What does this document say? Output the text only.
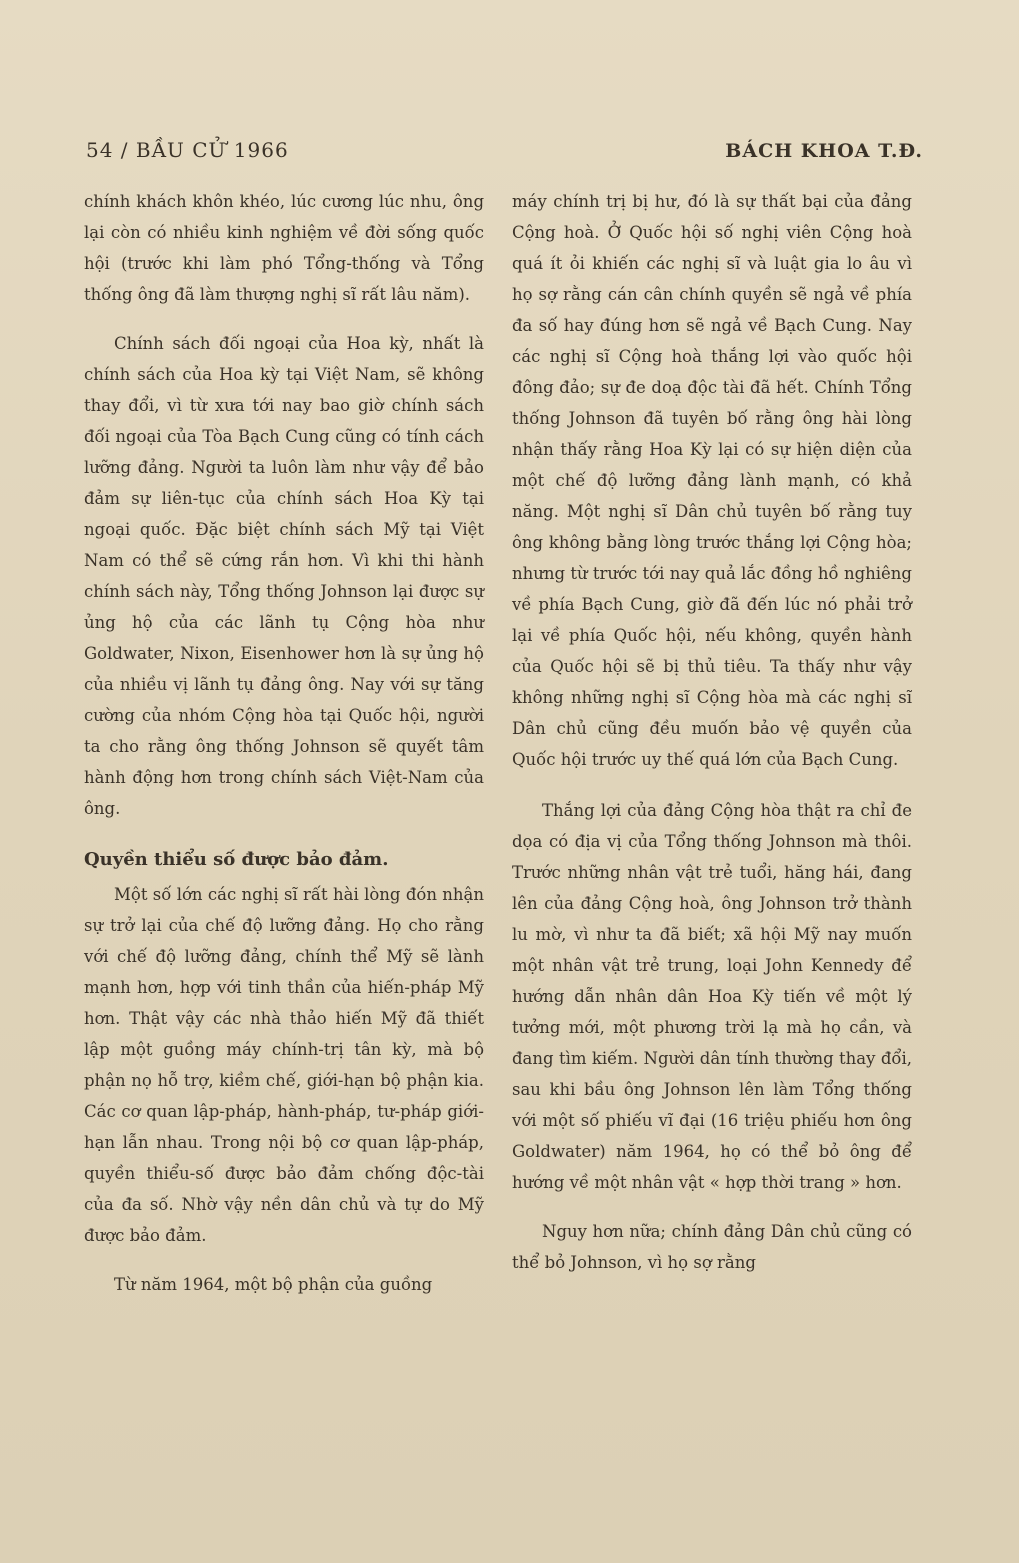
54 / BẦU CỬ 1966	BÁCH KHOA T.Đ.

chính khách khôn khéo, lúc cương lúc nhu, ông lại còn có nhiều kinh nghiệm về đời sống quốc hội (trước khi làm phó Tổng-thống và Tổng thống ông đã làm thượng nghị sĩ rất lâu năm).

Chính sách đối ngoại của Hoa kỳ, nhất là chính sách của Hoa kỳ tại Việt Nam, sẽ không thay đổi, vì từ xưa tới nay bao giờ chính sách đối ngoại của Tòa Bạch Cung cũng có tính cách lưỡng đảng. Người ta luôn làm như vậy để bảo đảm sự liên-tục của chính sách Hoa Kỳ tại ngoại quốc. Đặc biệt chính sách Mỹ tại Việt Nam có thể sẽ cứng rắn hơn. Vì khi thi hành chính sách này, Tổng thống Johnson lại được sự ủng hộ của các lãnh tụ Cộng hòa như Goldwater, Nixon, Eisenhower hơn là sự ủng hộ của nhiều vị lãnh tụ đảng ông. Nay với sự tăng cường của nhóm Cộng hòa tại Quốc hội, người ta cho rằng ông thống Johnson sẽ quyết tâm hành động hơn trong chính sách Việt-Nam của ông.

Quyền thiểu số được bảo đảm.

Một số lớn các nghị sĩ rất hài lòng đón nhận sự trở lại của chế độ lưỡng đảng. Họ cho rằng với chế độ lưỡng đảng, chính thể Mỹ sẽ lành mạnh hơn, hợp với tinh thần của hiến-pháp Mỹ hơn. Thật vậy các nhà thảo hiến Mỹ đã thiết lập một guồng máy chính-trị tân kỳ, mà bộ phận nọ hỗ trợ, kiềm chế, giới-hạn bộ phận kia. Các cơ quan lập-pháp, hành-pháp, tư-pháp giới-hạn lẫn nhau. Trong nội bộ cơ quan lập-pháp, quyền thiểu-số được bảo đảm chống độc-tài của đa số. Nhờ vậy nền dân chủ và tự do Mỹ được bảo đảm.

Từ năm 1964, một bộ phận của guồng

máy chính trị bị hư, đó là sự thất bại của đảng Cộng hoà. Ở Quốc hội số nghị viên Cộng hoà quá ít ỏi khiến các nghị sĩ và luật gia lo âu vì họ sợ rằng cán cân chính quyền sẽ ngả về phía đa số hay đúng hơn sẽ ngả về Bạch Cung. Nay các nghị sĩ Cộng hoà thắng lợi vào quốc hội đông đảo; sự đe doạ độc tài đã hết. Chính Tổng thống Johnson đã tuyên bố rằng ông hài lòng nhận thấy rằng Hoa Kỳ lại có sự hiện diện của một chế độ lưỡng đảng lành mạnh, có khả năng. Một nghị sĩ Dân chủ tuyên bố rằng tuy ông không bằng lòng trước thắng lợi Cộng hòa; nhưng từ trước tới nay quả lắc đồng hồ nghiêng về phía Bạch Cung, giờ đã đến lúc nó phải trở lại về phía Quốc hội, nếu không, quyền hành của Quốc hội sẽ bị thủ tiêu. Ta thấy như vậy không những nghị sĩ Cộng hòa mà các nghị sĩ Dân chủ cũng đều muốn bảo vệ quyền của Quốc hội trước uy thế quá lớn của Bạch Cung.

Thắng lợi của đảng Cộng hòa thật ra chỉ đe dọa có địa vị của Tổng thống Johnson mà thôi. Trước những nhân vật trẻ tuổi, hăng hái, đang lên của đảng Cộng hoà, ông Johnson trở thành lu mờ, vì như ta đã biết; xã hội Mỹ nay muốn một nhân vật trẻ trung, loại John Kennedy để hướng dẫn nhân dân Hoa Kỳ tiến về một lý tưởng mới, một phương trời lạ mà họ cần, và đang tìm kiếm. Người dân tính thường thay đổi, sau khi bầu ông Johnson lên làm Tổng thống với một số phiếu vĩ đại (16 triệu phiếu hơn ông Goldwater) năm 1964, họ có thể bỏ ông để hướng về một nhân vật « hợp thời trang » hơn.

Nguy hơn nữa; chính đảng Dân chủ cũng có thể bỏ Johnson, vì họ sợ rằng
